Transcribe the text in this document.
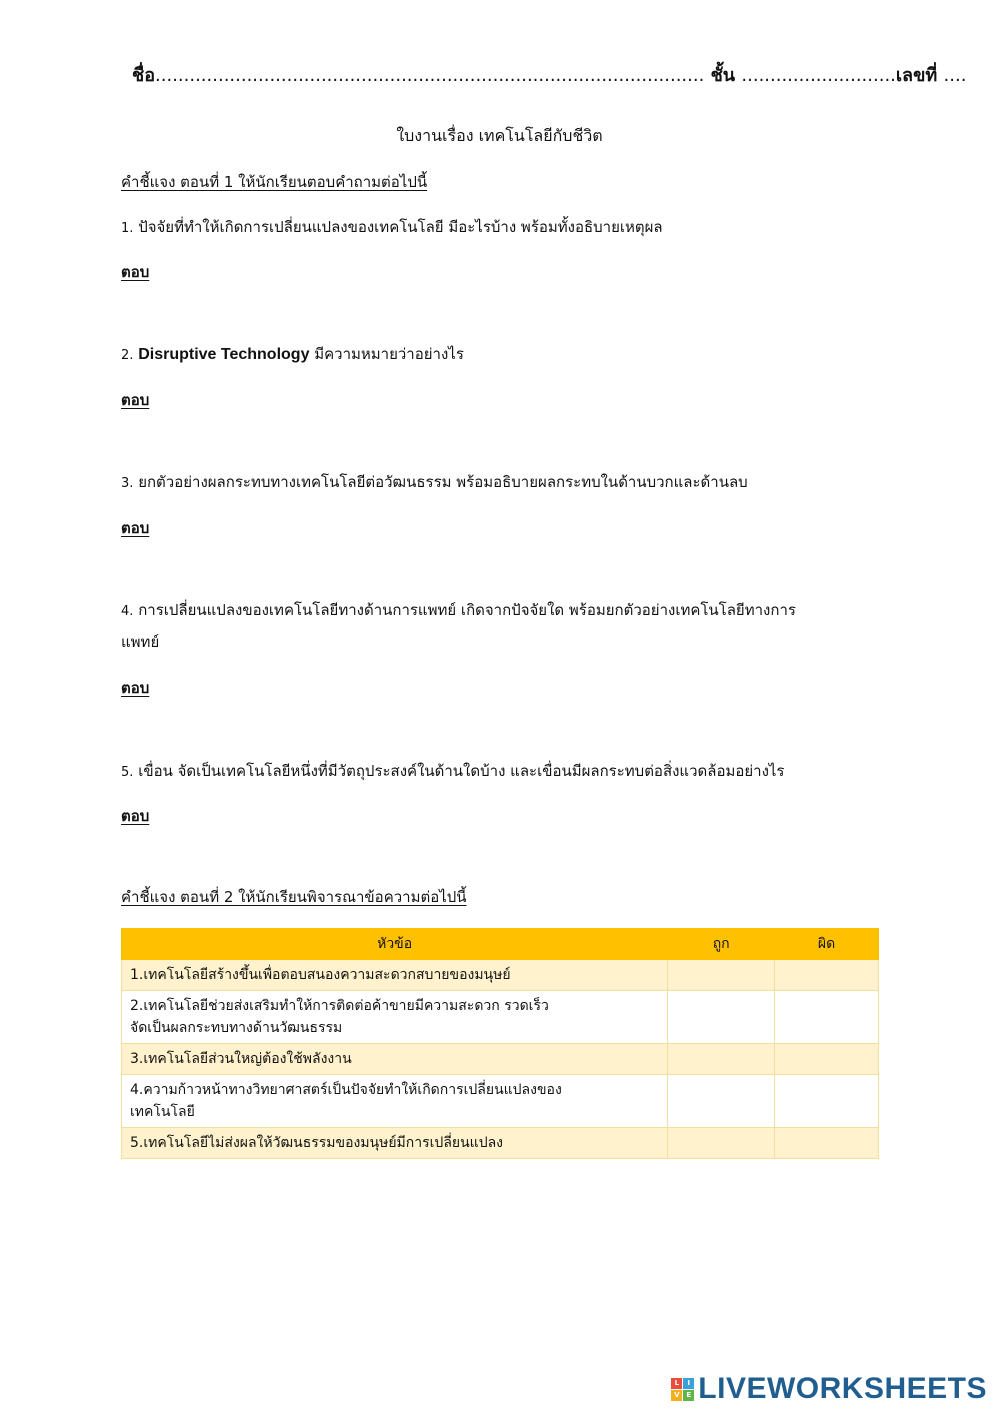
ชื่อ................................................................................................ ชั้น ...........................เลขที่ ....
ใบงานเรื่อง เทคโนโลยีกับชีวิต
คำชี้แจง ตอนที่ 1 ให้นักเรียนตอบคำถามต่อไปนี้
1. ปัจจัยที่ทำให้เกิดการเปลี่ยนแปลงของเทคโนโลยี มีอะไรบ้าง พร้อมทั้งอธิบายเหตุผล
ตอบ
2. Disruptive Technology มีความหมายว่าอย่างไร
ตอบ
3. ยกตัวอย่างผลกระทบทางเทคโนโลยีต่อวัฒนธรรม พร้อมอธิบายผลกระทบในด้านบวกและด้านลบ
ตอบ
4. การเปลี่ยนแปลงของเทคโนโลยีทางด้านการแพทย์ เกิดจากปัจจัยใด พร้อมยกตัวอย่างเทคโนโลยีทางการ
แพทย์
ตอบ
5. เขื่อน จัดเป็นเทคโนโลยีหนึ่งที่มีวัตถุประสงค์ในด้านใดบ้าง และเขื่อนมีผลกระทบต่อสิ่งแวดล้อมอย่างไร
ตอบ
คำชี้แจง ตอนที่ 2 ให้นักเรียนพิจารณาข้อความต่อไปนี้
หัวข้อ	ถูก	ผิด
1.เทคโนโลยีสร้างขึ้นเพื่อตอบสนองความสะดวกสบายของมนุษย์		
2.เทคโนโลยีช่วยส่งเสริมทำให้การติดต่อค้าขายมีความสะดวก รวดเร็ว
จัดเป็นผลกระทบทางด้านวัฒนธรรม		
3.เทคโนโลยีส่วนใหญ่ต้องใช้พลังงาน		
4.ความก้าวหน้าทางวิทยาศาสตร์เป็นปัจจัยทำให้เกิดการเปลี่ยนแปลงของ
เทคโนโลยี		
5.เทคโนโลยีไม่ส่งผลให้วัฒนธรรมของมนุษย์มีการเปลี่ยนแปลง		
L	I
V E LIVEWORKSHEETS
